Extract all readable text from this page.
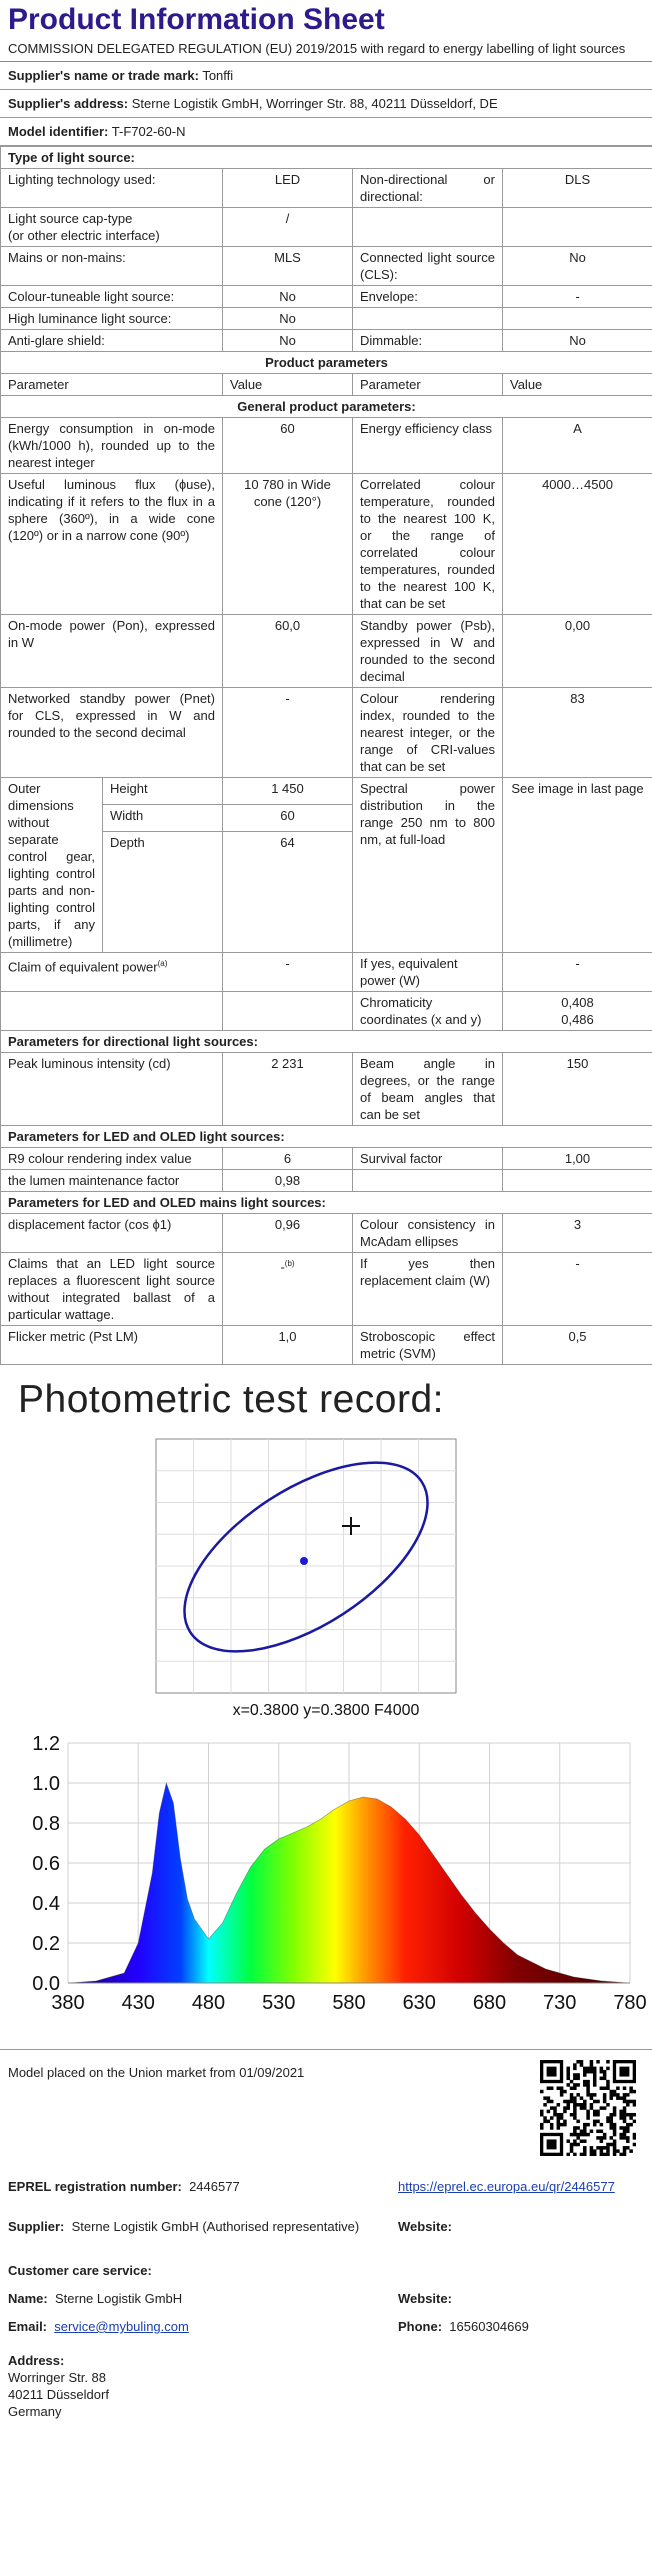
Product Information Sheet
COMMISSION DELEGATED REGULATION (EU) 2019/2015 with regard to energy labelling of light sources
Supplier's name or trade mark: Tonffi
Supplier's address: Sterne Logistik GmbH, Worringer Str. 88, 40211 Düsseldorf, DE
Model identifier: T-F702-60-N
Type of light source:				
Lighting technology used:		LED	Non-directional or directional:	DLS
Light source cap-type
(or other electric interface)		/		
Mains or non-mains:		MLS	Connected light source (CLS):	No
Colour-tuneable light source:		No	Envelope:	-
High luminance light source:		No		
Anti-glare shield:		No	Dimmable:	No
Product parameters				
Parameter		Value	Parameter	Value
General product parameters:				
Energy consumption in on-mode (kWh/1000 h), rounded up to the nearest integer		60	Energy efficiency class	A
Useful luminous flux (ɸuse), indicating if it refers to the flux in a sphere (360º), in a wide cone (120º) or in a narrow cone (90º)		10 780 in Wide cone (120°)	Correlated colour temperature, rounded to the nearest 100 K, or the range of correlated colour temperatures, rounded to the nearest 100 K, that can be set	4000…4500
On-mode power (Pon), expressed in W		60,0	Standby power (Psb), expressed in W and rounded to the second decimal	0,00
Networked standby power (Pnet) for CLS, expressed in W and rounded to the second decimal		-	Colour rendering index, rounded to the nearest integer, or the range of CRI-values that can be set	83
Outer dimensions without separate control gear, lighting control parts and non-lighting control parts, if any (millimetre)	Height	1 450	Spectral power distribution in the range 250 nm to 800 nm, at full-load	See image in last page
	Width	60		
	Depth	64		

Claim of equivalent power$^{(a)}$		-	If yes, equivalent power (W)	-
			Chromaticity coordinates (x and y)	0,408
0,486
Parameters for directional light sources:				
Peak luminous intensity (cd)		2 231	Beam angle in degrees, or the range of beam angles that can be set	150
Parameters for LED and OLED light sources:				
R9 colour rendering index value		6	Survival factor	1,00
the lumen maintenance factor		0,98		
Parameters for LED and OLED mains light sources:				
displacement factor (cos ϕ1)		0,96	Colour consistency in McAdam ellipses	3
Claims that an LED light source replaces a fluorescent light source without integrated ballast of a particular wattage.		-$^{(b)}$	If yes then replacement claim (W)	-
Flicker metric (Pst LM)		1,0	Stroboscopic effect metric (SVM)	0,5
Photometric test record:
x=0.3800 y=0.3800 F4000
0.0
0.2
0.4
0.6
0.8
1.0
1.2
380 430 480 530 580 630 680 730 780
Model placed on the Union market from 01/09/2021
EPREL registration number: 2446577	https://eprel.ec.europa.eu/qr/2446577
Supplier: Sterne Logistik GmbH (Authorised representative)	Website:
Customer care service:
Name: Sterne Logistik GmbH	Website:
Email: service@mybuling.com	Phone: 16560304669
Address:
Worringer Str. 88
40211 Düsseldorf
Germany
